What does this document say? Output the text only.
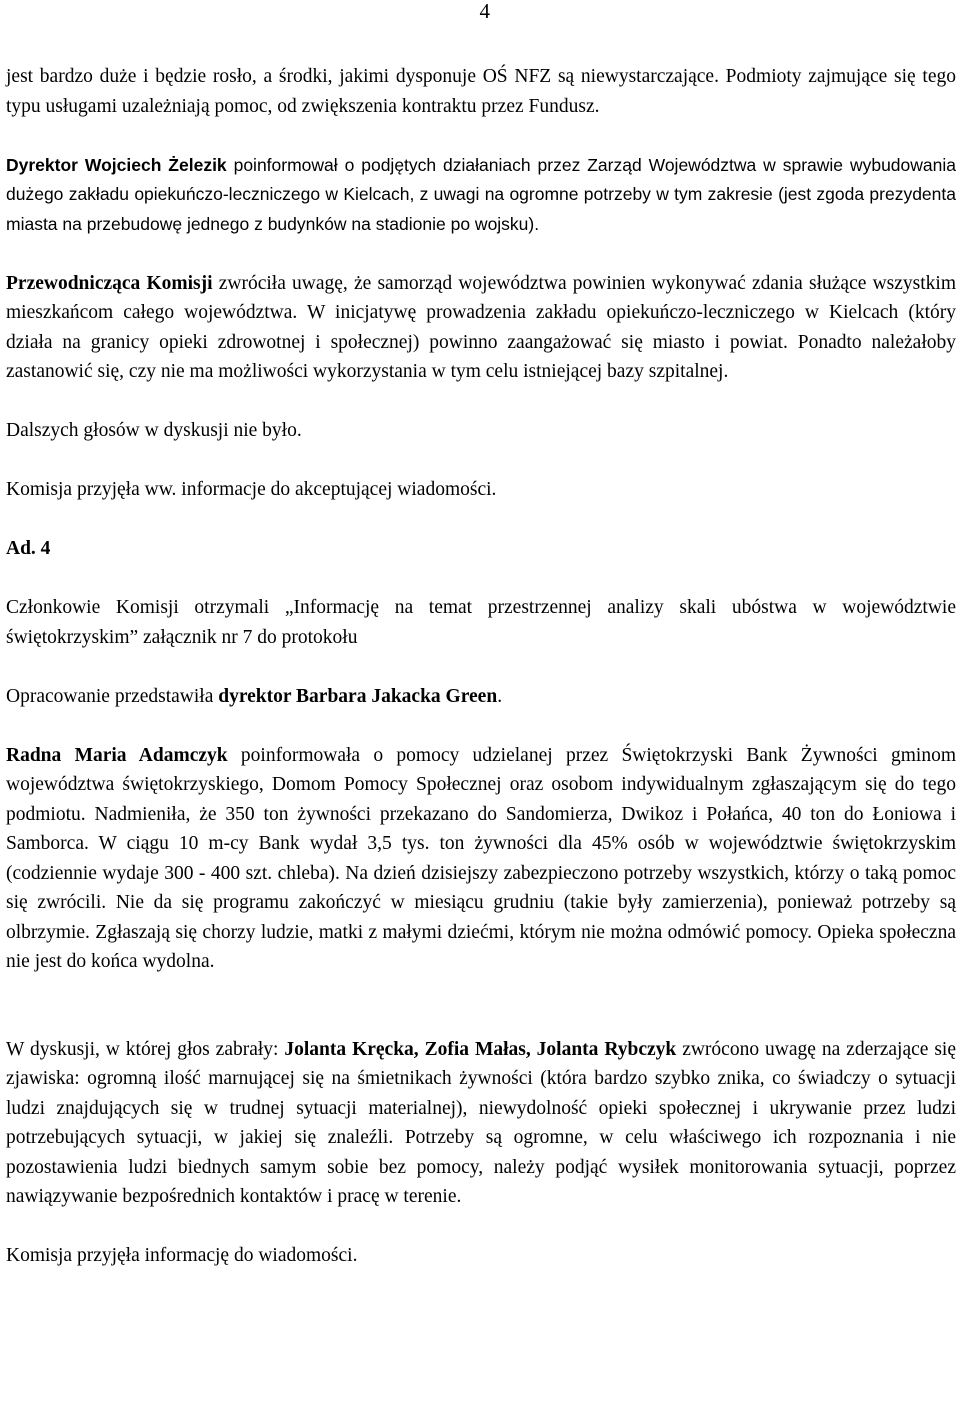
4

jest bardzo duże i będzie rosło, a środki, jakimi dysponuje OŚ NFZ są niewystarczające. Podmioty zajmujące się tego typu usługami uzależniają pomoc, od zwiększenia kontraktu przez Fundusz.

Dyrektor Wojciech Żelezik poinformował o podjętych działaniach przez Zarząd Województwa w sprawie wybudowania dużego zakładu opiekuńczo-leczniczego w Kielcach, z uwagi na ogromne potrzeby w tym zakresie (jest zgoda prezydenta miasta na przebudowę jednego z budynków na stadionie po wojsku).

Przewodnicząca Komisji zwróciła uwagę, że samorząd województwa powinien wykonywać zdania służące wszystkim mieszkańcom całego województwa. W inicjatywę prowadzenia zakładu opiekuńczo-leczniczego w Kielcach (który działa na granicy opieki zdrowotnej i społecznej) powinno zaangażować się miasto i powiat. Ponadto należałoby zastanowić się, czy nie ma możliwości wykorzystania w tym celu istniejącej bazy szpitalnej.

Dalszych głosów w dyskusji nie było.

Komisja przyjęła ww. informacje do akceptującej wiadomości.

Ad. 4

Członkowie Komisji otrzymali „Informację na temat przestrzennej analizy skali ubóstwa w województwie świętokrzyskim” załącznik nr 7 do protokołu

Opracowanie przedstawiła dyrektor Barbara Jakacka Green.

Radna Maria Adamczyk poinformowała o pomocy udzielanej przez Świętokrzyski Bank Żywności gminom województwa świętokrzyskiego, Domom Pomocy Społecznej oraz osobom indywidualnym zgłaszającym się do tego podmiotu. Nadmieniła, że 350 ton żywności przekazano do Sandomierza, Dwikoz i Połańca, 40 ton do Łoniowa i Samborca. W ciągu 10 m-cy Bank wydał 3,5 tys. ton żywności dla 45% osób w województwie świętokrzyskim (codziennie wydaje 300 - 400 szt. chleba). Na dzień dzisiejszy zabezpieczono potrzeby wszystkich, którzy o taką pomoc się zwrócili. Nie da się programu zakończyć w miesiącu grudniu (takie były zamierzenia), ponieważ potrzeby są olbrzymie. Zgłaszają się chorzy ludzie, matki z małymi dziećmi, którym nie można odmówić pomocy. Opieka społeczna nie jest do końca wydolna.

W dyskusji, w której głos zabrały: Jolanta Kręcka, Zofia Małas, Jolanta Rybczyk zwrócono uwagę na zderzające się zjawiska: ogromną ilość marnującej się na śmietnikach żywności (która bardzo szybko znika, co świadczy o sytuacji ludzi znajdujących się w trudnej sytuacji materialnej), niewydolność opieki społecznej i ukrywanie przez ludzi potrzebujących sytuacji, w jakiej się znaleźli. Potrzeby są ogromne, w celu właściwego ich rozpoznania i nie pozostawienia ludzi biednych samym sobie bez pomocy, należy podjąć wysiłek monitorowania sytuacji, poprzez nawiązywanie bezpośrednich kontaktów i pracę w terenie.

Komisja przyjęła informację do wiadomości.
